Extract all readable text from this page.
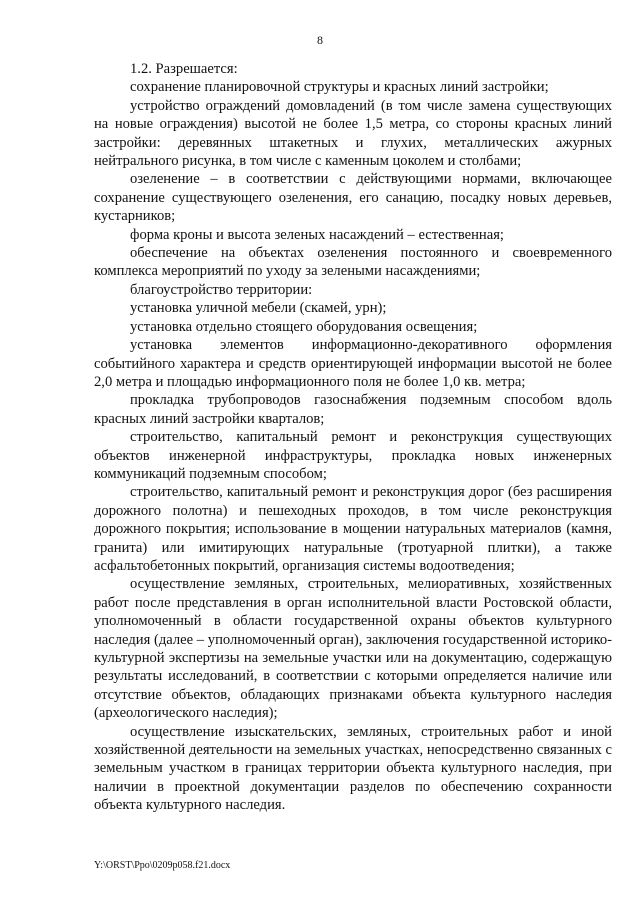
8

1.2. Разрешается:

сохранение планировочной структуры и красных линий застройки;

устройство ограждений домовладений (в том числе замена существующих на новые ограждения) высотой не более 1,5 метра, со стороны красных линий застройки: деревянных штакетных и глухих, металлических ажурных нейтрального рисунка, в том числе с каменным цоколем и столбами;

озеленение – в соответствии с действующими нормами, включающее сохранение существующего озеленения, его санацию, посадку новых деревьев, кустарников;

форма кроны и высота зеленых насаждений – естественная;

обеспечение на объектах озеленения постоянного и своевременного комплекса мероприятий по уходу за зелеными насаждениями;

благоустройство территории:

установка уличной мебели (скамей, урн);

установка отдельно стоящего оборудования освещения;

установка элементов информационно-декоративного оформления событийного характера и средств ориентирующей информации высотой не более 2,0 метра и площадью информационного поля не более 1,0 кв. метра;

прокладка трубопроводов газоснабжения подземным способом вдоль красных линий застройки кварталов;

строительство, капитальный ремонт и реконструкция существующих объектов инженерной инфраструктуры, прокладка новых инженерных коммуникаций подземным способом;

строительство, капитальный ремонт и реконструкция дорог (без расширения дорожного полотна) и пешеходных проходов, в том числе реконструкция дорожного покрытия; использование в мощении натуральных материалов (камня, гранита) или имитирующих натуральные (тротуарной плитки), а также асфальтобетонных покрытий, организация системы водоотведения;

осуществление земляных, строительных, мелиоративных, хозяйственных работ после представления в орган исполнительной власти Ростовской области, уполномоченный в области государственной охраны объектов культурного наследия (далее – уполномоченный орган), заключения государственной историко-культурной экспертизы на земельные участки или на документацию, содержащую результаты исследований, в соответствии с которыми определяется наличие или отсутствие объектов, обладающих признаками объекта культурного наследия (археологического наследия);

осуществление изыскательских, земляных, строительных работ и иной хозяйственной деятельности на земельных участках, непосредственно связанных с земельным участком в границах территории объекта культурного наследия, при наличии в проектной документации разделов по обеспечению сохранности объекта культурного наследия.

Y:\ORST\Ppo\0209p058.f21.docx
